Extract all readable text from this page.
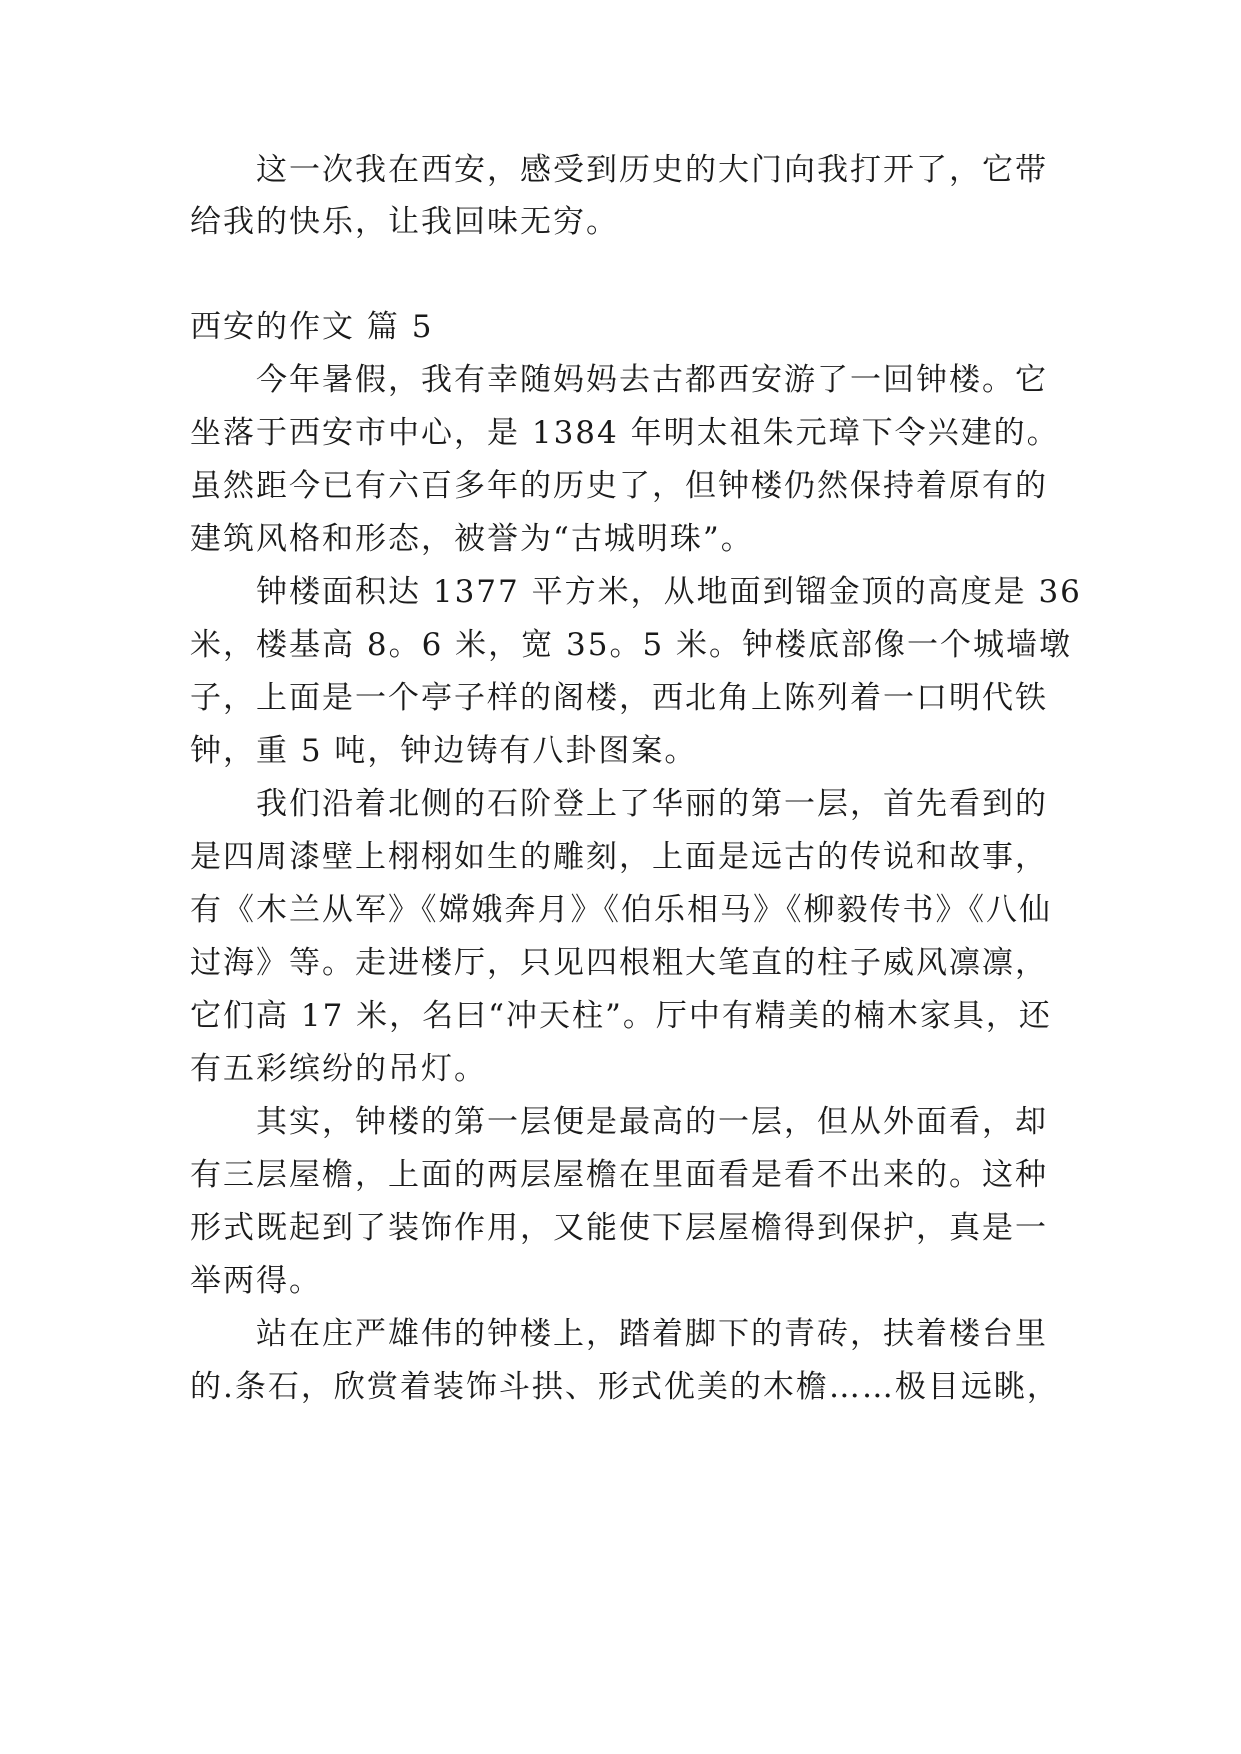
这一次我在西安，感受到历史的大门向我打开了，它带
给我的快乐，让我回味无穷。
西安的作文 篇 5
今年暑假，我有幸随妈妈去古都西安游了一回钟楼。它
坐落于西安市中心，是 1384 年明太祖朱元璋下令兴建的。
虽然距今已有六百多年的历史了，但钟楼仍然保持着原有的
建筑风格和形态，被誉为“古城明珠”。
钟楼面积达 1377 平方米，从地面到镏金顶的高度是 36
米，楼基高 8。6 米，宽 35。5 米。钟楼底部像一个城墙墩
子，上面是一个亭子样的阁楼，西北角上陈列着一口明代铁
钟，重 5 吨，钟边铸有八卦图案。
我们沿着北侧的石阶登上了华丽的第一层，首先看到的
是四周漆壁上栩栩如生的雕刻，上面是远古的传说和故事，
有《木兰从军》《嫦娥奔月》《伯乐相马》《柳毅传书》《八仙
过海》等。走进楼厅，只见四根粗大笔直的柱子威风凛凛，
它们高 17 米，名曰“冲天柱”。厅中有精美的楠木家具，还
有五彩缤纷的吊灯。
其实，钟楼的第一层便是最高的一层，但从外面看，却
有三层屋檐，上面的两层屋檐在里面看是看不出来的。这种
形式既起到了装饰作用，又能使下层屋檐得到保护，真是一
举两得。
站在庄严雄伟的钟楼上，踏着脚下的青砖，扶着楼台里
的.条石，欣赏着装饰斗拱、形式优美的木檐……极目远眺，
